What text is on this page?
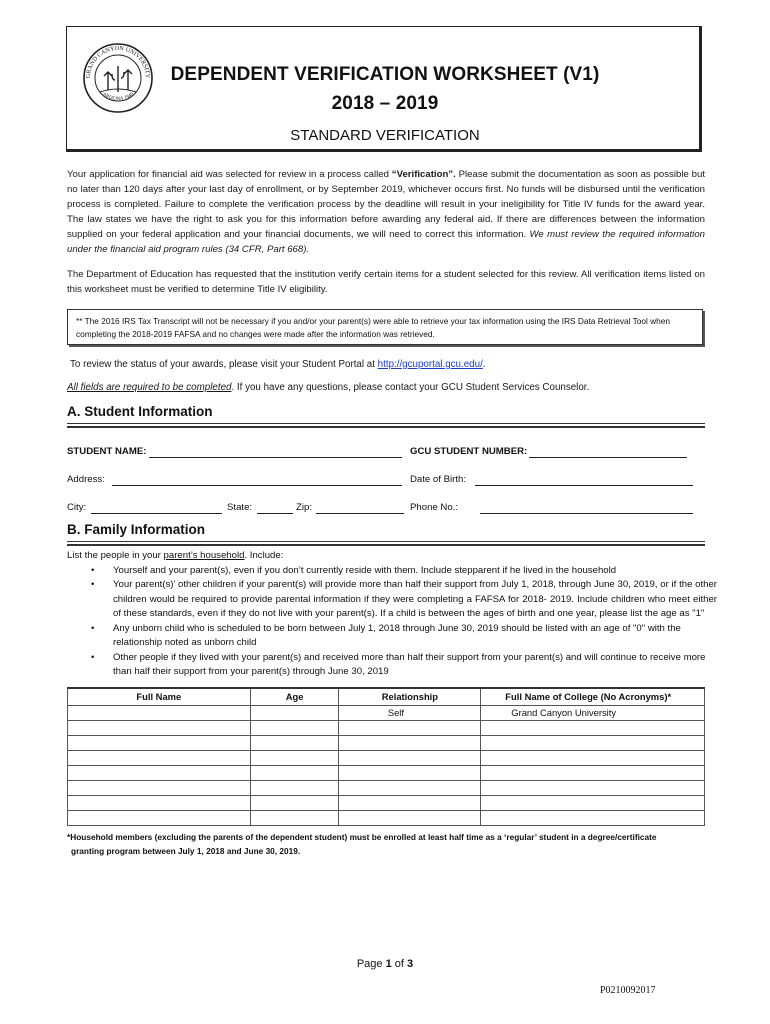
GRAND CANYON UNIVERSITY
ARIZONA 1949
DEPENDENT VERIFICATION WORKSHEET (V1)
2018 – 2019
STANDARD VERIFICATION
Your application for financial aid was selected for review in a process called “Verification”. Please submit the documentation as soon as possible but no later than 120 days after your last day of enrollment, or by September 2019, whichever occurs first. No funds will be disbursed until the verification process is completed. Failure to complete the verification process by the deadline will result in your ineligibility for Title IV funds for the award year. The law states we have the right to ask you for this information before awarding any federal aid. If there are differences between the information supplied on your federal application and your financial documents, we will need to correct this information. We must review the required information under the financial aid program rules (34 CFR, Part 668).
The Department of Education has requested that the institution verify certain items for a student selected for this review. All verification items listed on this worksheet must be verified to determine Title IV eligibility.
** The 2016 IRS Tax Transcript will not be necessary if you and/or your parent(s) were able to retrieve your tax information using the IRS Data Retrieval Tool when completing the 2018-2019 FAFSA and no changes were made after the information was retrieved.
To review the status of your awards, please visit your Student Portal at http://gcuportal.gcu.edu/.
All fields are required to be completed. If you have any questions, please contact your GCU Student Services Counselor.
A. Student Information
STUDENT NAME:	GCU STUDENT NUMBER:
Address:	Date of Birth:
City:	State:	Zip:	Phone No.:
B. Family Information
List the people in your parent’s household. Include:
• Yourself and your parent(s), even if you don’t currently reside with them. Include stepparent if he lived in the household
• Your parent(s)’ other children if your parent(s) will provide more than half their support from July 1, 2018, through June 30, 2019, or if the other children would be required to provide parental information if they were completing a FAFSA for 2018- 2019. Include children who meet either of these standards, even if they do not live with your parent(s). If a child is between the ages of birth and one year, please list the age as "1"
• Any unborn child who is scheduled to be born between July 1, 2018 through June 30, 2019 should be listed with an age of "0" with the relationship noted as unborn child
• Other people if they lived with your parent(s) and received more than half their support from your parent(s) and will continue to receive more than half their support from your parent(s) through June 30, 2019
Full Name	Age	Relationship	Full Name of College (No Acronyms)*
		Self	Grand Canyon University

*Household members (excluding the parents of the dependent student) must be enrolled at least half time as a ‘regular’ student in a degree/certificate
granting program between July 1, 2018 and June 30, 2019.
Page 1 of 3
P0210092017
